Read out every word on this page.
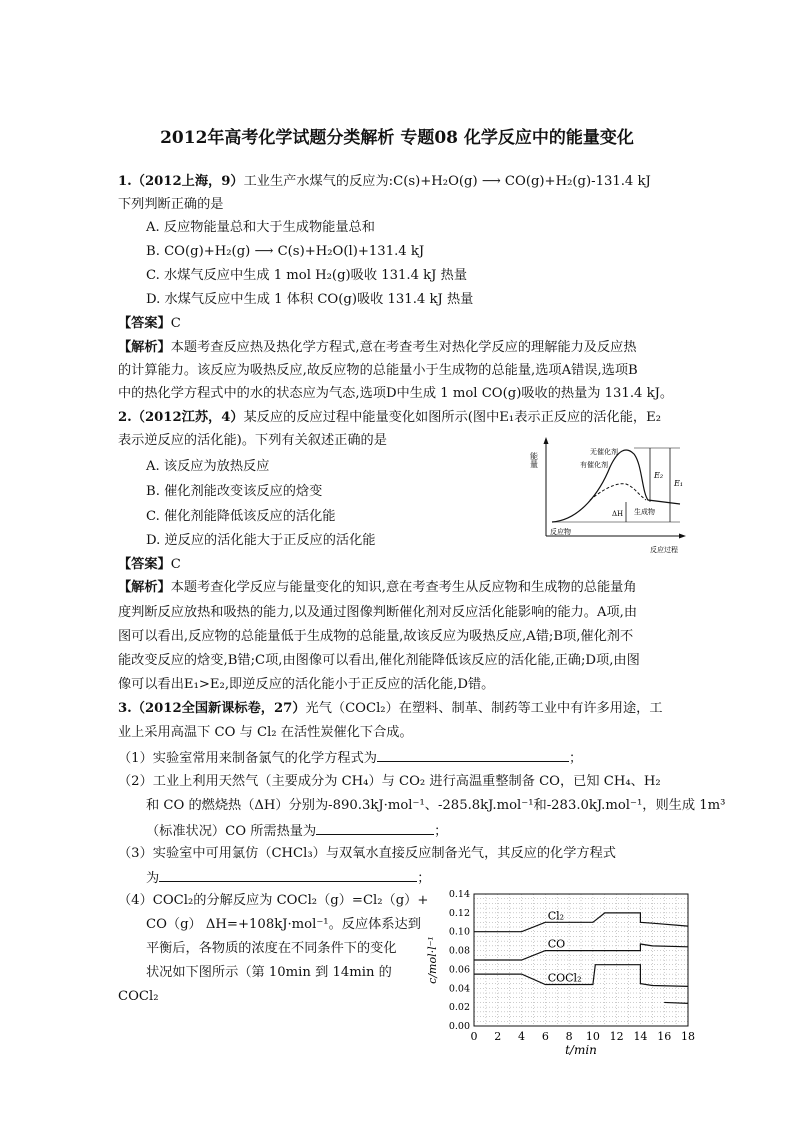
2012年高考化学试题分类解析 专题08 化学反应中的能量变化
1.（2012上海，9）工业生产水煤气的反应为:C(s)+H₂O(g) ⟶ CO(g)+H₂(g)-131.4 kJ
下列判断正确的是
A. 反应物能量总和大于生成物能量总和
B. CO(g)+H₂(g) ⟶ C(s)+H₂O(l)+131.4 kJ
C. 水煤气反应中生成 1 mol H₂(g)吸收 131.4 kJ 热量
D. 水煤气反应中生成 1 体积 CO(g)吸收 131.4 kJ 热量
【答案】C
【解析】本题考查反应热及热化学方程式,意在考查考生对热化学反应的理解能力及反应热
的计算能力。该反应为吸热反应,故反应物的总能量小于生成物的总能量,选项A错误,选项B
中的热化学方程式中的水的状态应为气态,选项D中生成 1 mol CO(g)吸收的热量为 131.4 kJ。
2.（2012江苏，4）某反应的反应过程中能量变化如图所示(图中E₁表示正反应的活化能，E₂
表示逆反应的活化能)。下列有关叙述正确的是
A. 该反应为放热反应
B. 催化剂能改变该反应的焓变
C. 催化剂能降低该反应的活化能
D. 逆反应的活化能大于正反应的活化能
能量	无催化剂
有催化剂
E₂
E₁
ΔH 生成物
反应物
反应过程
【答案】C
【解析】本题考查化学反应与能量变化的知识,意在考查考生从反应物和生成物的总能量角
度判断反应放热和吸热的能力,以及通过图像判断催化剂对反应活化能影响的能力。A项,由
图可以看出,反应物的总能量低于生成物的总能量,故该反应为吸热反应,A错;B项,催化剂不
能改变反应的焓变,B错;C项,由图像可以看出,催化剂能降低该反应的活化能,正确;D项,由图
像可以看出E₁>E₂,即逆反应的活化能小于正反应的活化能,D错。
3.（2012全国新课标卷，27）光气（COCl₂）在塑料、制革、制药等工业中有许多用途，工
业上采用高温下 CO 与 Cl₂ 在活性炭催化下合成。
（1）实验室常用来制备氯气的化学方程式为	；
（2）工业上利用天然气（主要成分为 CH₄）与 CO₂ 进行高温重整制备 CO，已知 CH₄、H₂
和 CO 的燃烧热（ΔH）分别为-890.3kJ·mol⁻¹、-285.8kJ.mol⁻¹和-283.0kJ.mol⁻¹，则生成 1m³
（标准状况）CO 所需热量为	；
（3）实验室中可用氯仿（CHCl₃）与双氧水直接反应制备光气，其反应的化学方程式
为	；
（4）COCl₂的分解反应为 COCl₂（g）=Cl₂（g）+
CO（g） ΔH=+108kJ·mol⁻¹。反应体系达到
平衡后，各物质的浓度在不同条件下的变化
状况如下图所示（第 10min 到 14min 的
COCl₂
0 2 4 6 8 10 12 14 16 18
0.00
0.02
0.04
0.06
0.08
0.10
0.12
0.14
t/min
c/mol·l⁻¹
Cl₂
CO
COCl₂
